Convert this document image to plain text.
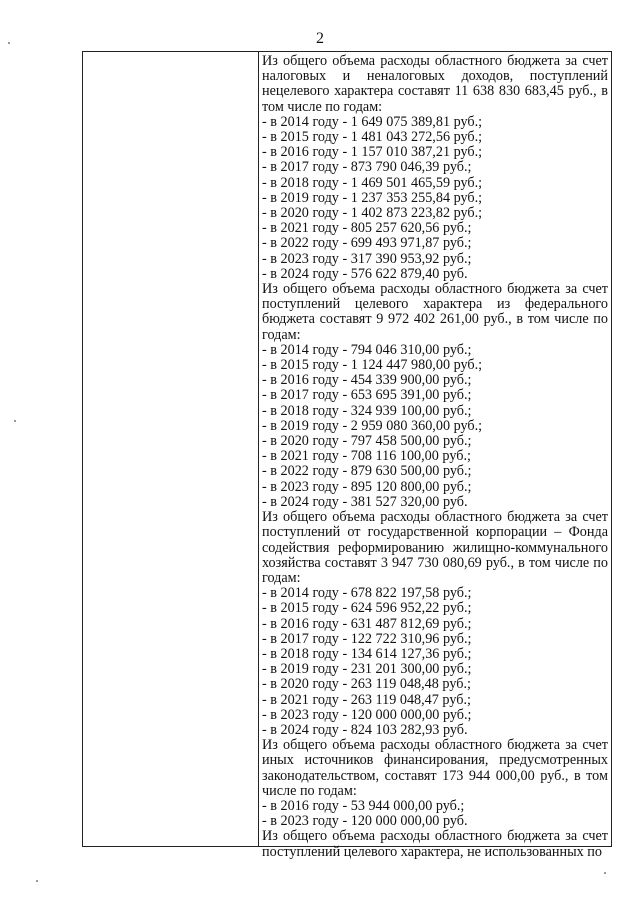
2

Из общего объема расходы областного бюджета за счет налоговых и неналоговых доходов, поступлений нецелевого характера составят 11 638 830 683,45 руб., в том числе по годам:

- в 2014 году - 1 649 075 389,81 руб.;
- в 2015 году - 1 481 043 272,56 руб.;
- в 2016 году - 1 157 010 387,21 руб.;
- в 2017 году - 873 790 046,39 руб.;
- в 2018 году - 1 469 501 465,59 руб.;
- в 2019 году - 1 237 353 255,84 руб.;
- в 2020 году - 1 402 873 223,82 руб.;
- в 2021 году - 805 257 620,56 руб.;
- в 2022 году - 699 493 971,87 руб.;
- в 2023 году - 317 390 953,92 руб.;
- в 2024 году - 576 622 879,40 руб.

Из общего объема расходы областного бюджета за счет поступлений целевого характера из федерального бюджета составят 9 972 402 261,00 руб., в том числе по годам:

- в 2014 году - 794 046 310,00 руб.;
- в 2015 году - 1 124 447 980,00 руб.;
- в 2016 году - 454 339 900,00 руб.;
- в 2017 году - 653 695 391,00 руб.;
- в 2018 году - 324 939 100,00 руб.;
- в 2019 году - 2 959 080 360,00 руб.;
- в 2020 году - 797 458 500,00 руб.;
- в 2021 году - 708 116 100,00 руб.;
- в 2022 году - 879 630 500,00 руб.;
- в 2023 году - 895 120 800,00 руб.;
- в 2024 году - 381 527 320,00 руб.

Из общего объема расходы областного бюджета за счет поступлений от государственной корпорации – Фонда содействия реформированию жилищно-коммунального хозяйства составят 3 947 730 080,69 руб., в том числе по годам:

- в 2014 году - 678 822 197,58 руб.;
- в 2015 году - 624 596 952,22 руб.;
- в 2016 году - 631 487 812,69 руб.;
- в 2017 году - 122 722 310,96 руб.;
- в 2018 году - 134 614 127,36 руб.;
- в 2019 году - 231 201 300,00 руб.;
- в 2020 году - 263 119 048,48 руб.;
- в 2021 году - 263 119 048,47 руб.;
- в 2023 году - 120 000 000,00 руб.;
- в 2024 году - 824 103 282,93 руб.

Из общего объема расходы областного бюджета за счет иных источников финансирования, предусмотренных законодательством, составят 173 944 000,00 руб., в том числе по годам:

- в 2016 году - 53 944 000,00 руб.;
- в 2023 году - 120 000 000,00 руб.

Из общего объема расходы областного бюджета за счет поступлений целевого характера, не использованных по
